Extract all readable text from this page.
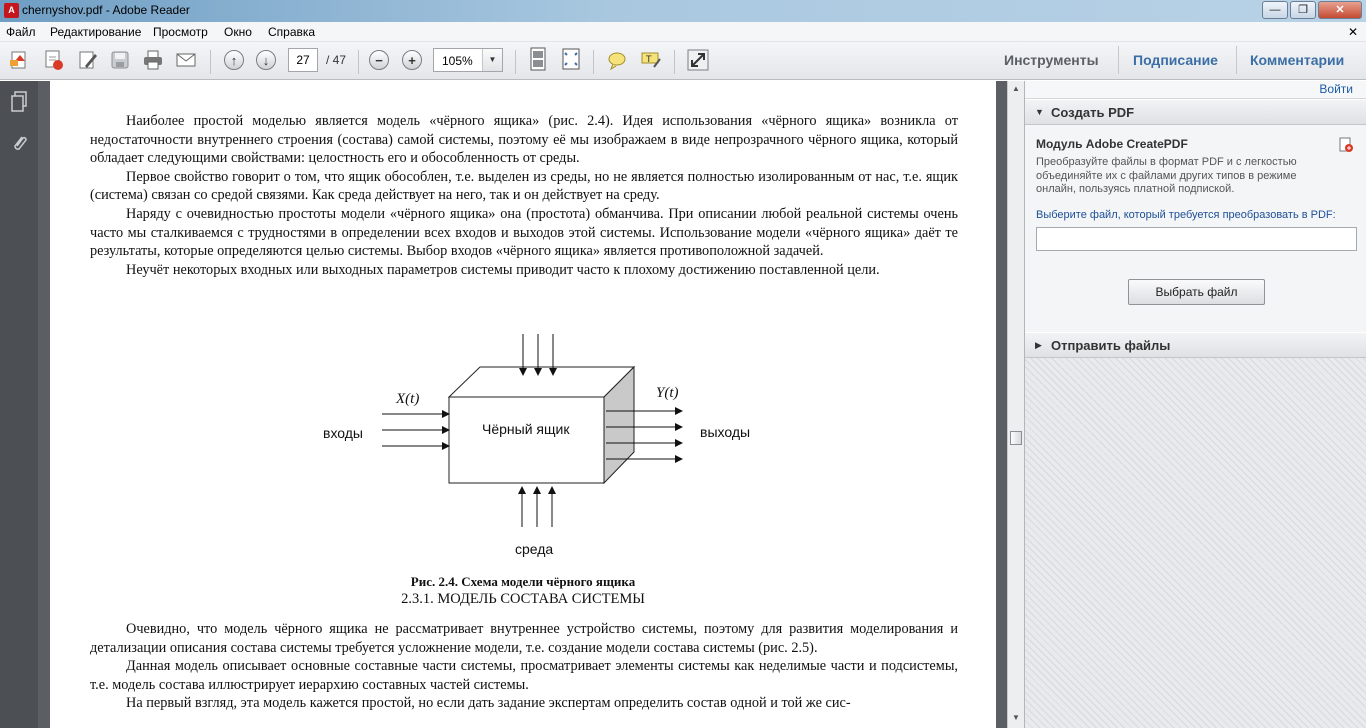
A chernyshov.pdf - Adobe Reader	—	❐	✕
Файл Редактирование Просмотр Окно Справка	✕
↑	↓	27	/ 47	−	+	105%	▼	T	Инструменты Подписание Комментарии

Наиболее простой моделью является модель «чёрного ящика» (рис. 2.4). Идея использования «чёрного ящика» возникла от недостаточности внутреннего строения (состава) самой системы, поэтому её мы изображаем в виде непрозрачного чёрного ящика, который обладает следующими свойствами: целостность его и обособленность от среды.

Первое свойство говорит о том, что ящик обособлен, т.е. выделен из среды, но не является полностью изолированным от нас, т.е. ящик (система) связан со средой связями. Как среда действует на него, так и он действует на среду.

Наряду с очевидностью простоты модели «чёрного ящика» она (простота) обманчива. При описании любой реальной системы очень часто мы сталкиваемся с трудностями в определении всех входов и выходов этой системы. Использование модели «чёрного ящика» даёт те результаты, которые определяются целью системы. Выбор входов «чёрного ящика» является противоположной задачей.

Неучёт некоторых входных или выходных параметров системы приводит часто к плохому достижению поставленной цели.

Чёрный ящик
входы	выходы
среда
X(t)	Y(t)
Рис. 2.4. Схема модели чёрного ящика
2.3.1. МОДЕЛЬ СОСТАВА СИСТЕМЫ

Очевидно, что модель чёрного ящика не рассматривает внутреннее устройство системы, поэтому для развития моделирования и детализации описания состава системы требуется усложнение модели, т.е. создание модели состава системы (рис. 2.5).

Данная модель описывает основные составные части системы, просматривает элементы системы как неделимые части и подсистемы, т.е. модель состава иллюстрирует иерархию составных частей системы.

На первый взгляд, эта модель кажется простой, но если дать задание экспертам определить состав одной и той же сис-

▲
▼
Войти
▼ Создать PDF
Модуль Adobe CreatePDF
Преобразуйте файлы в формат PDF и с легкостью объединяйте их с файлами других типов в режиме онлайн, пользуясь платной подпиской.
Выберите файл, который требуется преобразовать в PDF:
Выбрать файл
▶ Отправить файлы
